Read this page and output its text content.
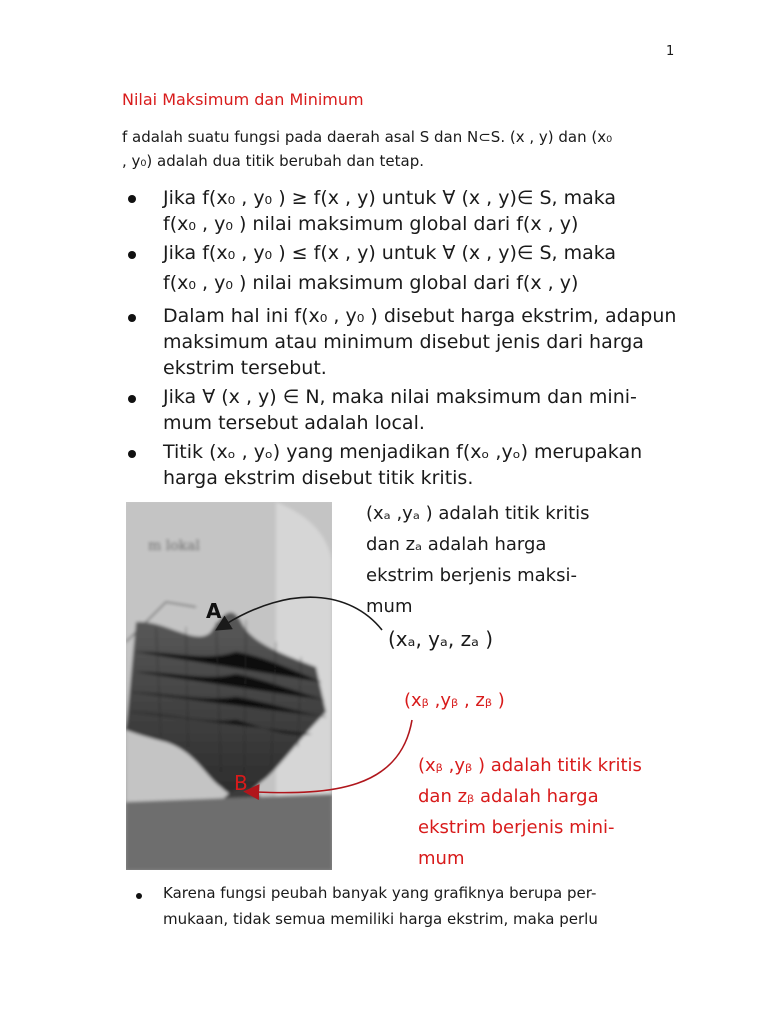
1
Nilai Maksimum dan Minimum
f adalah suatu fungsi pada daerah asal S dan N⊂S. (x , y) dan (x₀
, y₀) adalah dua titik berubah dan tetap.
Jika f(x₀ , y₀ ) ≥ f(x , y) untuk ∀ (x , y)∈ S, maka
f(x₀ , y₀ ) nilai maksimum global dari f(x , y)
Jika f(x₀ , y₀ ) ≤ f(x , y) untuk ∀ (x , y)∈ S, maka
f(x₀ , y₀ ) nilai maksimum global dari f(x , y)
Dalam hal ini f(x₀ , y₀ ) disebut harga ekstrim, adapun
maksimum atau minimum disebut jenis dari harga
ekstrim tersebut.
Jika ∀ (x , y) ∈ N, maka nilai maksimum dan mini-
mum tersebut adalah local.
Titik (xₒ , yₒ) yang menjadikan f(xₒ ,yₒ) merupakan
harga ekstrim disebut titik kritis.
m lokal
A
B
(xₐ ,yₐ ) adalah titik kritis
dan zₐ adalah harga
ekstrim berjenis maksi-
mum
(xₐ, yₐ, zₐ )
(xᵦ ,yᵦ , zᵦ )
(xᵦ ,yᵦ ) adalah titik kritis
dan zᵦ adalah harga
ekstrim berjenis mini-
mum
Karena fungsi peubah banyak yang grafiknya berupa per-
mukaan, tidak semua memiliki harga ekstrim, maka perlu
